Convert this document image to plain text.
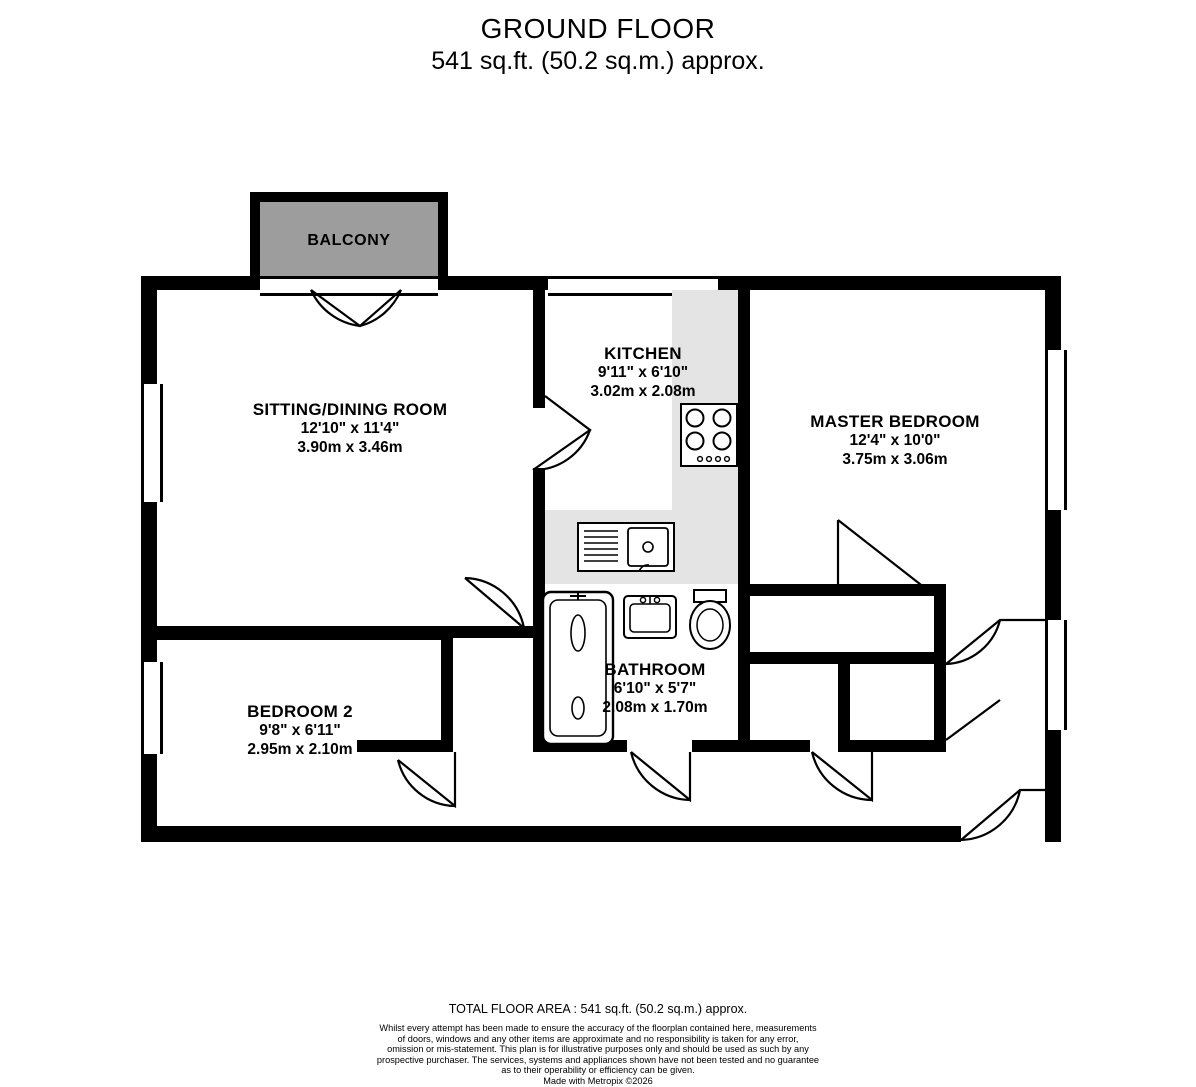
GROUND FLOOR
541 sq.ft. (50.2 sq.m.) approx.
BALCONY
SITTING/DINING ROOM
12'10" x 11'4"
3.90m x 3.46m
KITCHEN
9'11" x 6'10"
3.02m x 2.08m
MASTER BEDROOM
12'4" x 10'0"
3.75m x 3.06m
BEDROOM 2
9'8" x 6'11"
2.95m x 2.10m
BATHROOM
6'10" x 5'7"
2.08m x 1.70m
TOTAL FLOOR AREA : 541 sq.ft. (50.2 sq.m.) approx.
Whilst every attempt has been made to ensure the accuracy of the floorplan contained here, measurements
of doors, windows and any other items are approximate and no responsibility is taken for any error,
omission or mis-statement. This plan is for illustrative purposes only and should be used as such by any
prospective purchaser. The services, systems and appliances shown have not been tested and no guarantee
as to their operability or efficiency can be given.
Made with Metropix ©2026
